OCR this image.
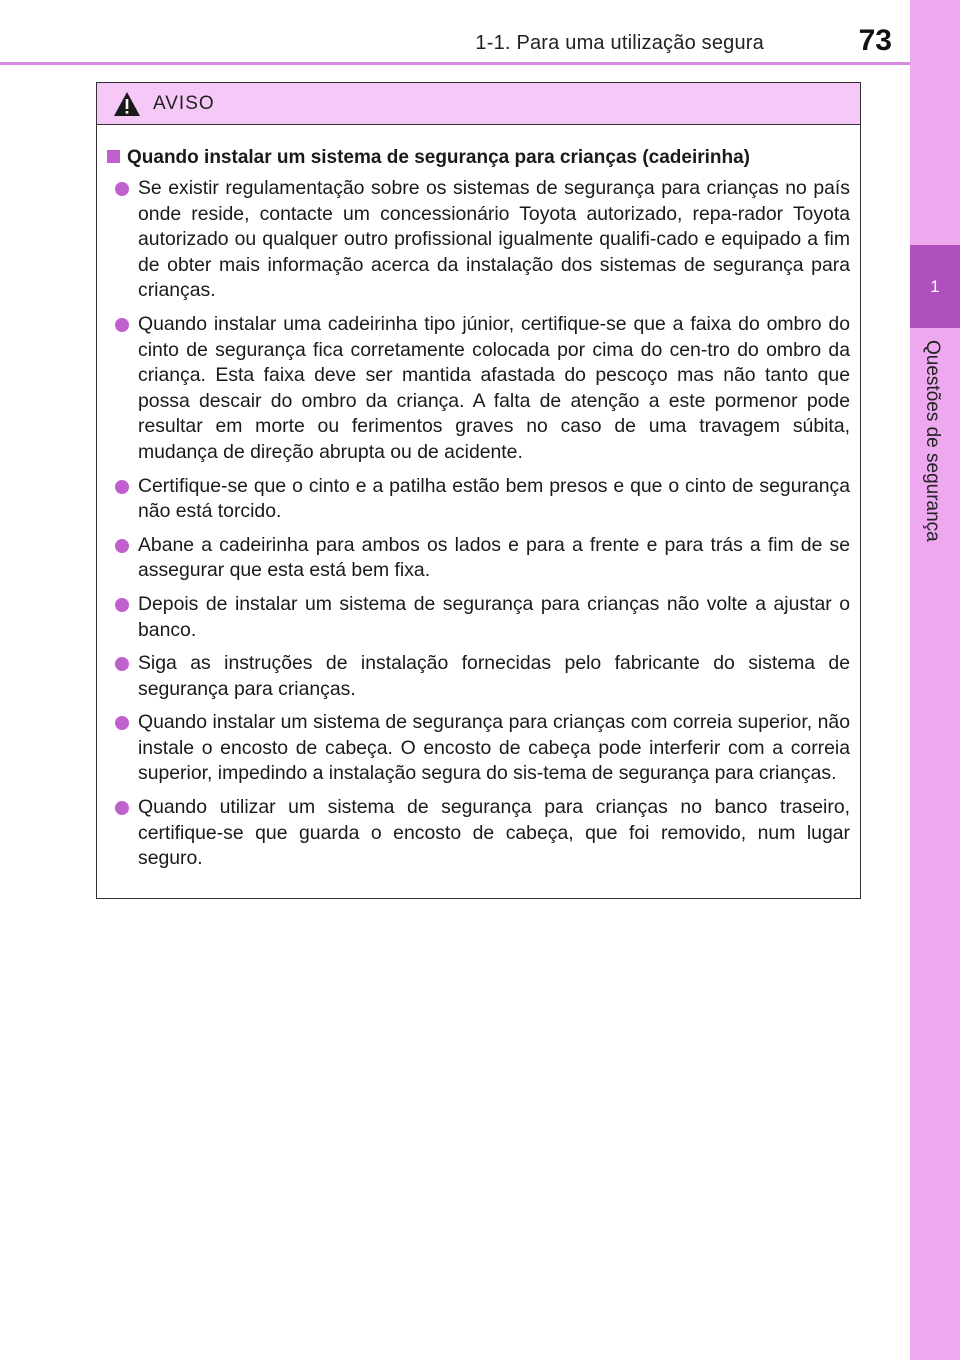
1-1. Para uma utilização segura	73
1
Questões de segurança
AVISO
Quando instalar um sistema de segurança para crianças (cadeirinha)
Se existir regulamentação sobre os sistemas de segurança para crianças no país onde reside, contacte um concessionário Toyota autorizado, repa-rador Toyota autorizado ou qualquer outro profissional igualmente qualifi-cado e equipado a fim de obter mais informação acerca da instalação dos sistemas de segurança para crianças.
Quando instalar uma cadeirinha tipo júnior, certifique-se que a faixa do ombro do cinto de segurança fica corretamente colocada por cima do cen-tro do ombro da criança. Esta faixa deve ser mantida afastada do pescoço mas não tanto que possa descair do ombro da criança. A falta de atenção a este pormenor pode resultar em morte ou ferimentos graves no caso de uma travagem súbita, mudança de direção abrupta ou de acidente.
Certifique-se que o cinto e a patilha estão bem presos e que o cinto de segurança não está torcido.
Abane a cadeirinha para ambos os lados e para a frente e para trás a fim de se assegurar que esta está bem fixa.
Depois de instalar um sistema de segurança para crianças não volte a ajustar o banco.
Siga as instruções de instalação fornecidas pelo fabricante do sistema de segurança para crianças.
Quando instalar um sistema de segurança para crianças com correia superior, não instale o encosto de cabeça. O encosto de cabeça pode interferir com a correia superior, impedindo a instalação segura do sis-tema de segurança para crianças.
Quando utilizar um sistema de segurança para crianças no banco traseiro, certifique-se que guarda o encosto de cabeça, que foi removido, num lugar seguro.
